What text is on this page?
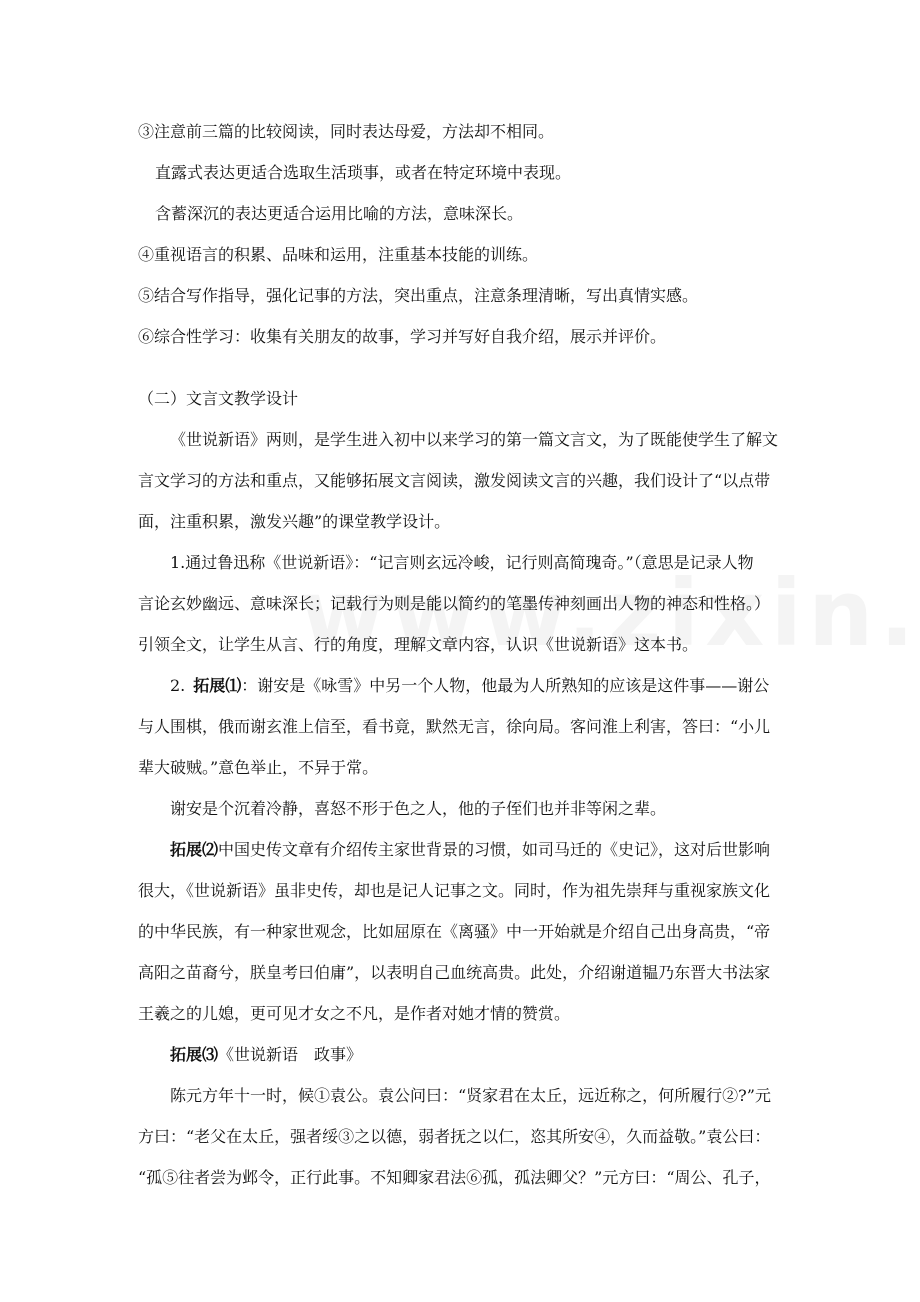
③注意前三篇的比较阅读，同时表达母爱，方法却不相同。

直露式表达更适合选取生活琐事，或者在特定环境中表现。

含蓄深沉的表达更适合运用比喻的方法，意味深长。

④重视语言的积累、品味和运用，注重基本技能的训练。

⑤结合写作指导，强化记事的方法，突出重点，注意条理清晰，写出真情实感。

⑥综合性学习：收集有关朋友的故事，学习并写好自我介绍，展示并评价。

（二）文言文教学设计

《世说新语》两则，是学生进入初中以来学习的第一篇文言文，为了既能使学生了解文
言文学习的方法和重点，又能够拓展文言阅读，激发阅读文言的兴趣，我们设计了“以点带
面，注重积累，激发兴趣”的课堂教学设计。

1.通过鲁迅称《世说新语》：“记言则玄远冷峻，记行则高简瑰奇。”（意思是记录人物
言论玄妙幽远、意味深长；记载行为则是能以简约的笔墨传神刻画出人物的神态和性格。）
引领全文，让学生从言、行的角度，理解文章内容，认识《世说新语》这本书。

2.  拓展⑴：谢安是《咏雪》中另一个人物，他最为人所熟知的应该是这件事——谢公
与人围棋，俄而谢玄淮上信至，看书竟，默然无言，徐向局。客问淮上利害，答曰：“小儿
辈大破贼。”意色举止，不异于常。

谢安是个沉着冷静，喜怒不形于色之人，他的子侄们也并非等闲之辈。

拓展⑵中国史传文章有介绍传主家世背景的习惯，如司马迁的《史记》，这对后世影响
很大，《世说新语》虽非史传，却也是记人记事之文。同时，作为祖先崇拜与重视家族文化
的中华民族，有一种家世观念，比如屈原在《离骚》中一开始就是介绍自己出身高贵，“帝
高阳之苗裔兮，朕皇考曰伯庸”，以表明自己血统高贵。此处，介绍谢道韫乃东晋大书法家
王羲之的儿媳，更可见才女之不凡，是作者对她才情的赞赏。

拓展⑶《世说新语　政事》

陈元方年十一时，候①袁公。袁公问曰：“贤家君在太丘，远近称之，何所履行②?”元
方曰：“老父在太丘，强者绥③之以德，弱者抚之以仁，恣其所安④，久而益敬。”袁公曰：
“孤⑤往者尝为邺令，正行此事。不知卿家君法⑥孤，孤法卿父？”元方曰：“周公、孔子，
